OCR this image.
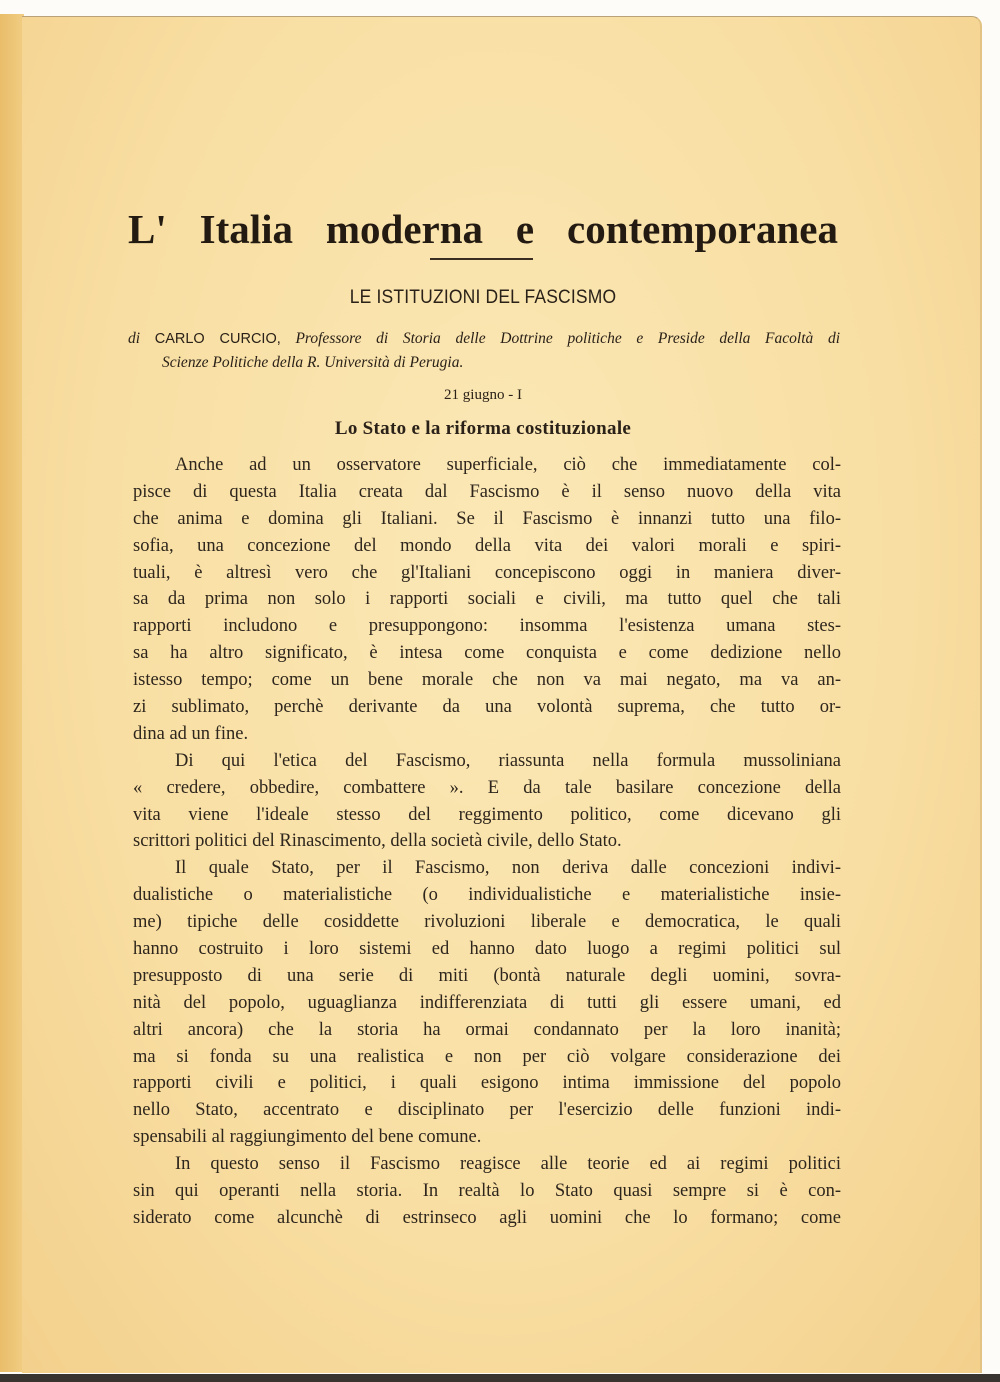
L' Italia moderna e contemporanea
LE ISTITUZIONI DEL FASCISMO
di CARLO CURCIO, Professore di Storia delle Dottrine politiche e Preside della Facoltà di
Scienze Politiche della R. Università di Perugia.
21 giugno - I
Lo Stato e la riforma costituzionale
Anche ad un osservatore superficiale, ciò che immediatamente col-
pisce di questa Italia creata dal Fascismo è il senso nuovo della vita
che anima e domina gli Italiani. Se il Fascismo è innanzi tutto una filo-
sofia, una concezione del mondo della vita dei valori morali e spiri-
tuali, è altresì vero che gl'Italiani concepiscono oggi in maniera diver-
sa da prima non solo i rapporti sociali e civili, ma tutto quel che tali
rapporti includono e presuppongono: insomma l'esistenza umana stes-
sa ha altro significato, è intesa come conquista e come dedizione nello
istesso tempo; come un bene morale che non va mai negato, ma va an-
zi sublimato, perchè derivante da una volontà suprema, che tutto or-
dina ad un fine.
Di qui l'etica del Fascismo, riassunta nella formula mussoliniana
« credere, obbedire, combattere ». E da tale basilare concezione della
vita viene l'ideale stesso del reggimento politico, come dicevano gli
scrittori politici del Rinascimento, della società civile, dello Stato.
Il quale Stato, per il Fascismo, non deriva dalle concezioni indivi-
dualistiche o materialistiche (o individualistiche e materialistiche insie-
me) tipiche delle cosiddette rivoluzioni liberale e democratica, le quali
hanno costruito i loro sistemi ed hanno dato luogo a regimi politici sul
presupposto di una serie di miti (bontà naturale degli uomini, sovra-
nità del popolo, uguaglianza indifferenziata di tutti gli essere umani, ed
altri ancora) che la storia ha ormai condannato per la loro inanità;
ma si fonda su una realistica e non per ciò volgare considerazione dei
rapporti civili e politici, i quali esigono intima immissione del popolo
nello Stato, accentrato e disciplinato per l'esercizio delle funzioni indi-
spensabili al raggiungimento del bene comune.
In questo senso il Fascismo reagisce alle teorie ed ai regimi politici
sin qui operanti nella storia. In realtà lo Stato quasi sempre si è con-
siderato come alcunchè di estrinseco agli uomini che lo formano; come
